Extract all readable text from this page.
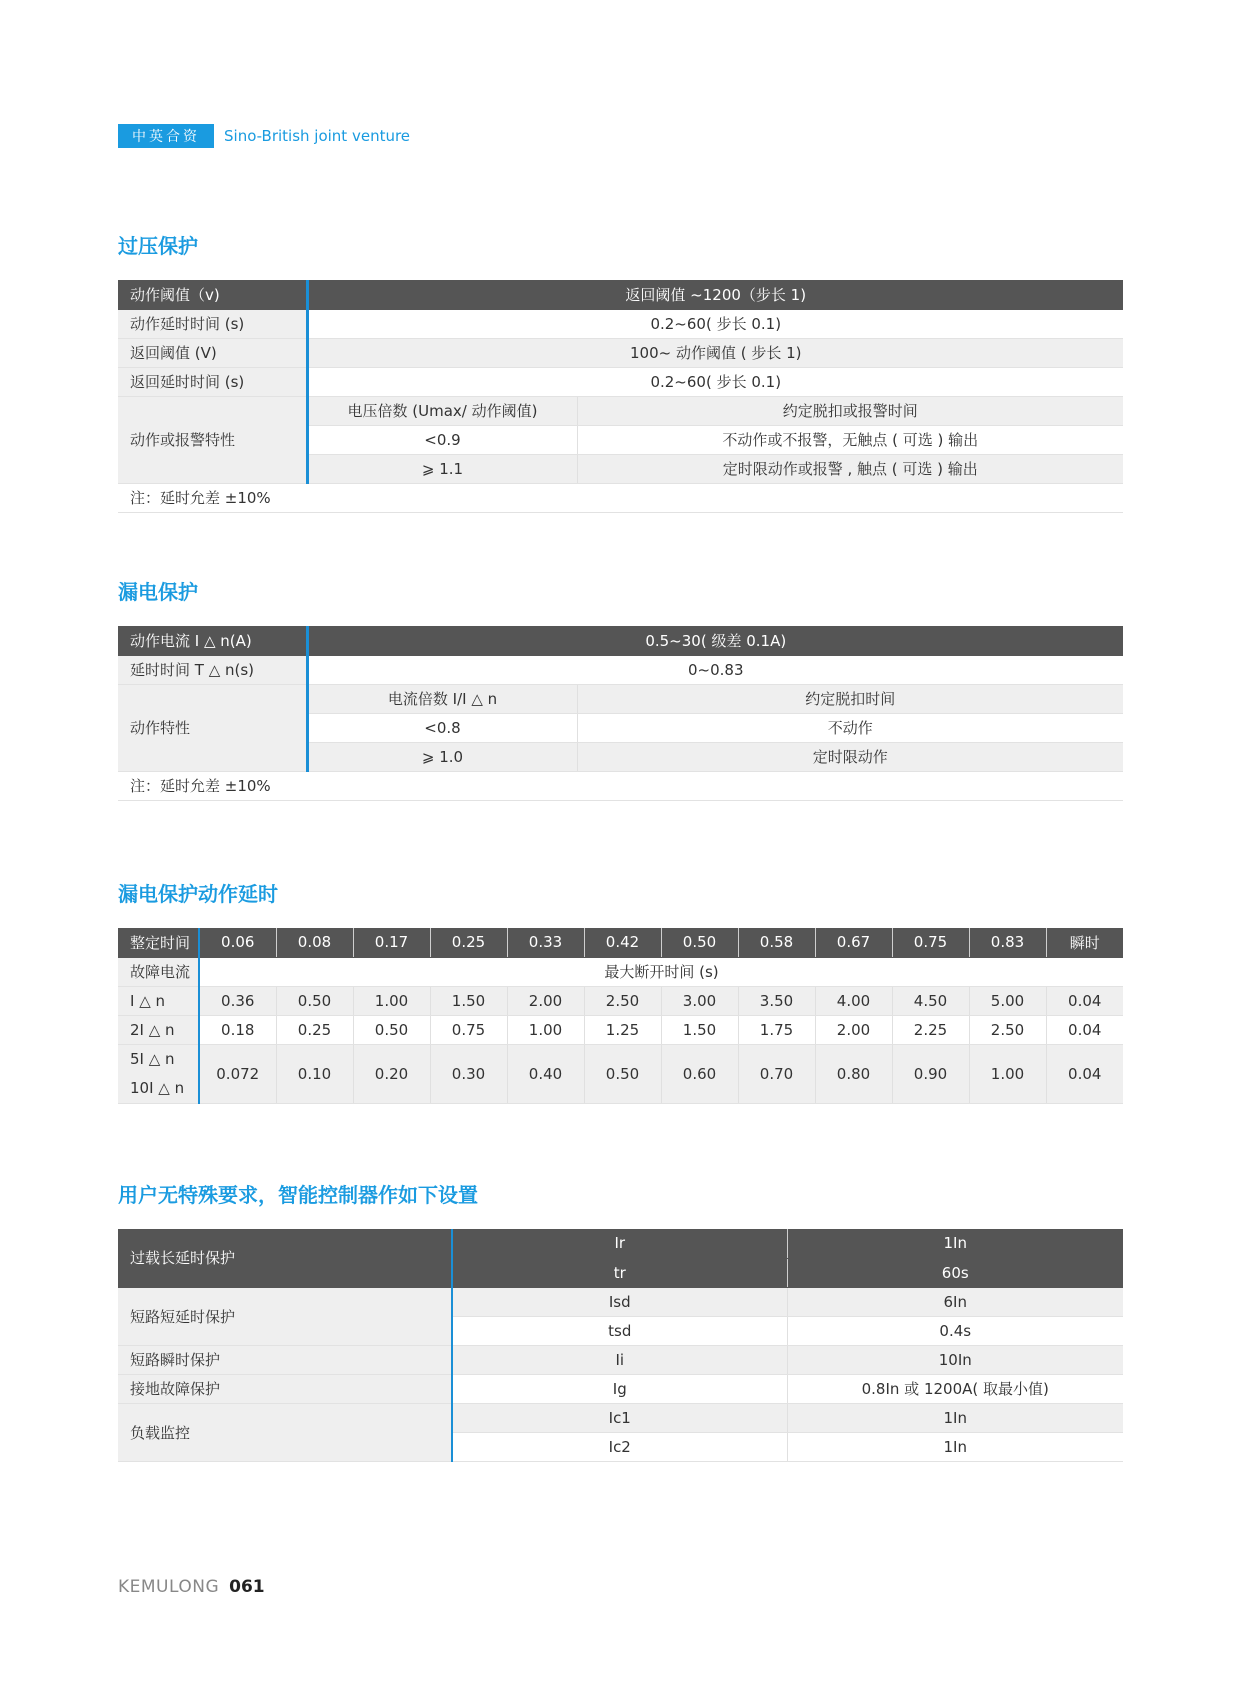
中英合资 Sino-British joint venture
过压保护
动作阈值（v)	返回阈值 ~1200（步长 1)	
动作延时时间 (s)	0.2~60( 步长 0.1)	
返回阈值 (V)	100~ 动作阈值 ( 步长 1)	
返回延时时间 (s)	0.2~60( 步长 0.1)	
动作或报警特性	电压倍数 (Umax/ 动作阈值)	约定脱扣或报警时间
	<0.9	不动作或不报警，无触点 ( 可选 ) 输出
	⩾ 1.1	定时限动作或报警 , 触点 ( 可选 ) 输出
注：延时允差 ±10%		
漏电保护
动作电流 I △ n(A)	0.5~30( 级差 0.1A)	
延时时间 T △ n(s)	0~0.83	
动作特性	电流倍数 I/I △ n	约定脱扣时间
	<0.8	不动作
	⩾ 1.0	定时限动作
注：延时允差 ±10%		
漏电保护动作延时
整定时间	0.06	0.08	0.17	0.25	0.33	0.42	0.50	0.58	0.67	0.75	0.83	瞬时
故障电流	最大断开时间 (s)											
I △ n	0.36	0.50	1.00	1.50	2.00	2.50	3.00	3.50	4.00	4.50	5.00	0.04
2I △ n	0.18	0.25	0.50	0.75	1.00	1.25	1.50	1.75	2.00	2.25	2.50	0.04

5I △ n
10I △ n	0.072	0.10	0.20	0.30	0.40	0.50	0.60	0.70	0.80	0.90	1.00	0.04
用户无特殊要求，智能控制器作如下设置
过载长延时保护	Ir	1In
	tr	60s
短路短延时保护	Isd	6In
	tsd	0.4s
短路瞬时保护	Ii	10In
接地故障保护	Ig	0.8In 或 1200A( 取最小值)
负载监控	Ic1	1In
	Ic2	1In
KEMULONG 061
